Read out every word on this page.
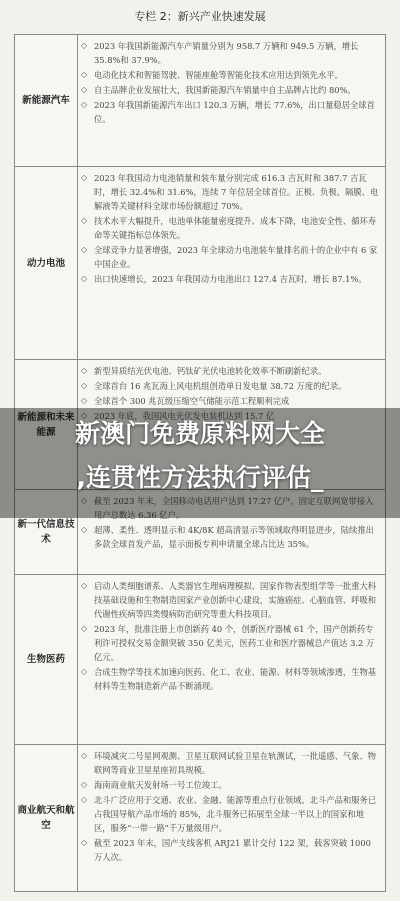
专栏 2：新兴产业快速发展
新能源汽车
◇ 2023 年我国新能源汽车产销量分别为 958.7 万辆和 949.5 万辆，增长 35.8%和 37.9%。
◇ 电动化技术和智能驾驶、智能座舱等智能化技术应用达到领先水平。
◇ 自主品牌企业发展壮大，我国新能源汽车销量中自主品牌占比约 80%。
◇ 2023 年我国新能源汽车出口 120.3 万辆，增长 77.6%，出口量稳居全球首位。
动力电池
◇ 2023 年我国动力电池销量和装车量分别完成 616.3 吉瓦时和 387.7 吉瓦时，增长 32.4%和 31.6%，连续 7 年位居全球首位。正极、负极、隔膜、电解液等关键材料全球市场份额超过 70%。
◇ 技术水平大幅提升，电池单体能量密度提升、成本下降，电池安全性、循环寿命等关键指标总体领先。
◇ 全球竞争力显著增强，2023 年全球动力电池装车量排名前十的企业中有 6 家中国企业。
◇ 出口快速增长，2023 年我国动力电池出口 127.4 吉瓦时，增长 87.1%。
新能源和未来能源
◇ 新型异质结光伏电池、钙钛矿光伏电池转化效率不断刷新纪录。
◇ 全球首台 16 兆瓦海上风电机组创造单日发电量 38.72 万度的纪录。
◇ 全球首个 300 兆瓦级压缩空气储能示范工程顺利完成
◇ 2023 年底，我国风电光伏发电装机达到 15.7 亿
新一代信息技术
◇ 截至 2023 年末，全国移动电话用户达到 17.27 亿户，固定互联网宽带接入用户总数达 6.36 亿户。
◇ 超薄、柔性、透明显示和 4K/8K 超高清显示等领域取得明显进步，陆续推出多款全球首发产品，显示面板专利申请量全球占比达 35%。
生物医药
◇ 启动人类细胞谱系、人类器官生理病理模拟、国家作物表型组学等一批重大科技基础设施和生物制造国家产业创新中心建设，实施癌症、心脑血管、呼吸和代谢性疾病等四类慢病防治研究等重大科技项目。
◇ 2023 年，批准注册上市创新药 40 个，创新医疗器械 61 个，国产创新药专利许可授权交易金额突破 350 亿美元，医药工业和医疗器械总产值达 3.2 万亿元。
◇ 合成生物学等技术加速向医药、化工、农业、能源、材料等领域渗透，生物基材料等生物制造新产品不断涌现。
商业航天和航空
◇ 环境减灾二号星网观测、卫星互联网试验卫星在轨测试，一批遥感、气象、物联网等商业卫星星座初具规模。
◇ 海南商业航天发射场一号工位竣工。
◇ 北斗广泛应用于交通、农业、金融、能源等重点行业领域。北斗产品和服务已占我国导航产品市场的 85%，北斗服务已拓展至全球一半以上的国家和地区，服务“一带一路”千万量级用户。
◇ 截至 2023 年末，国产支线客机 ARJ21 累计交付 122 架，载客突破 1000 万人次。
新澳门免费原料网大全
,连贯性方法执行评估_
